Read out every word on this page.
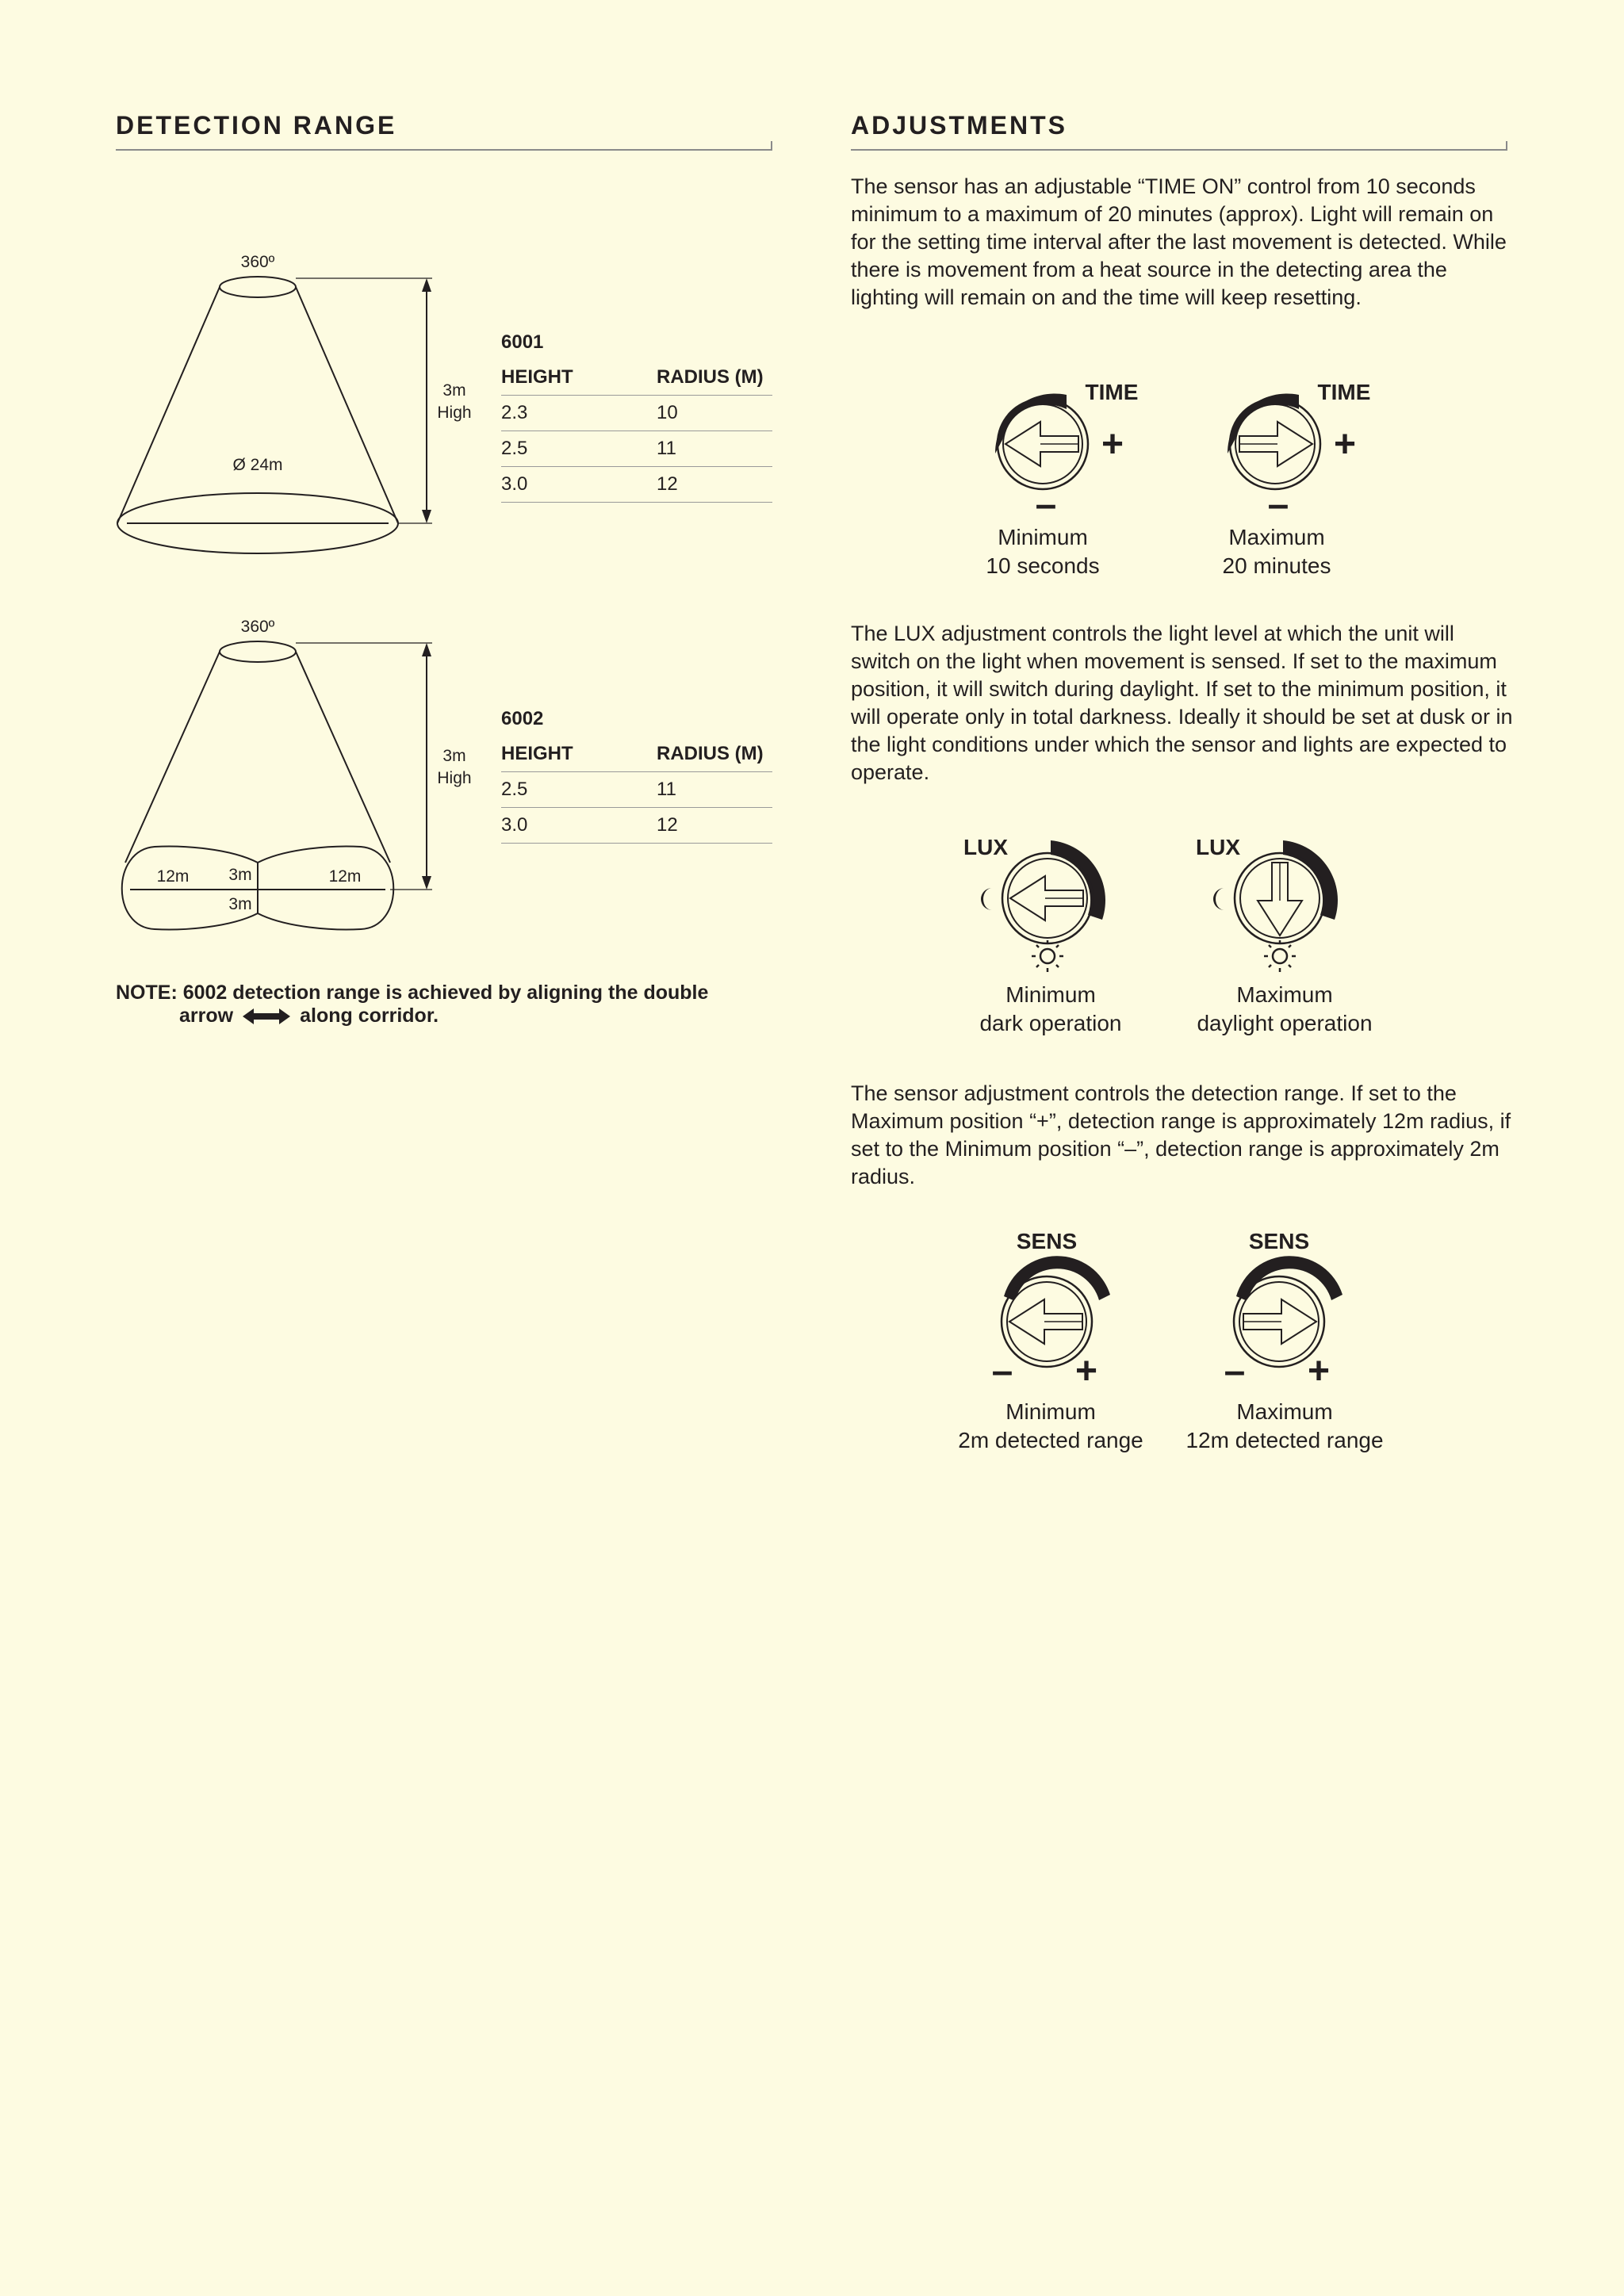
DETECTION RANGE
360º
Ø 24m
3m
High
6001
HEIGHT	RADIUS (M)
2.3	10
2.5	11
3.0	12
360º
12m 3m
3m
12m
3m
High
6002
HEIGHT	RADIUS (M)
2.5	11
3.0	12
NOTE: 6002 detection range is achieved by aligning the double
arrow	along corridor.
ADJUSTMENTS
The sensor has an adjustable “TIME ON” control from 10 seconds minimum to a maximum of 20 minutes (approx). Light will remain on for the setting time interval after the last movement is detected. While there is movement from a heat source in the detecting area the lighting will remain on and the time will keep resetting.
TIME
+
–
Minimum
10 seconds
TIME
+
–
Maximum
20 minutes
The LUX adjustment controls the light level at which the unit will switch on the light when movement is sensed. If set to the maximum position, it will switch during daylight. If set to the minimum position, it will operate only in total darkness. Ideally it should be set at dusk or in the light conditions under which the sensor and lights are expected to operate.
LUX
Minimum
dark operation
LUX
Maximum
daylight operation
The sensor adjustment controls the detection range. If set to the Maximum position “+”, detection range is approximately 12m radius, if set to the Minimum position “–”, detection range is approximately 2m radius.
SENS
– +
Minimum
2m detected range
SENS
– +
Maximum
12m detected range
